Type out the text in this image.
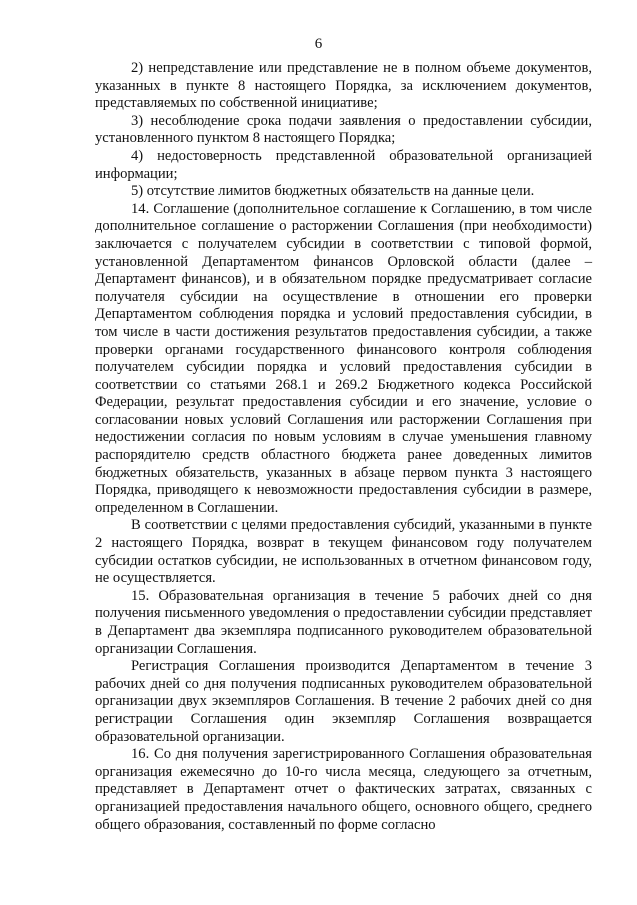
6

2) непредставление или представление не в полном объеме документов, указанных в пункте 8 настоящего Порядка, за исключением документов, представляемых по собственной инициативе;

3) несоблюдение срока подачи заявления о предоставлении субсидии, установленного пунктом 8 настоящего Порядка;

4) недостоверность представленной образовательной организацией информации;

5) отсутствие лимитов бюджетных обязательств на данные цели.

14. Соглашение (дополнительное соглашение к Соглашению, в том числе дополнительное соглашение о расторжении Соглашения (при необходимости) заключается с получателем субсидии в соответствии с типовой формой, установленной Департаментом финансов Орловской области (далее – Департамент финансов), и в обязательном порядке предусматривает согласие получателя субсидии на осуществление в отношении его проверки Департаментом соблюдения порядка и условий предоставления субсидии, в том числе в части достижения результатов предоставления субсидии, а также проверки органами государственного финансового контроля соблюдения получателем субсидии порядка и условий предоставления субсидии в соответствии со статьями 268.1 и 269.2 Бюджетного кодекса Российской Федерации, результат предоставления субсидии и его значение, условие о согласовании новых условий Соглашения или расторжении Соглашения при недостижении согласия по новым условиям в случае уменьшения главному распорядителю средств областного бюджета ранее доведенных лимитов бюджетных обязательств, указанных в абзаце первом пункта 3 настоящего Порядка, приводящего к невозможности предоставления субсидии в размере, определенном в Соглашении.

В соответствии с целями предоставления субсидий, указанными в пункте 2 настоящего Порядка, возврат в текущем финансовом году получателем субсидии остатков субсидии, не использованных в отчетном финансовом году, не осуществляется.

15. Образовательная организация в течение 5 рабочих дней со дня получения письменного уведомления о предоставлении субсидии представляет в Департамент два экземпляра подписанного руководителем образовательной организации Соглашения.

Регистрация Соглашения производится Департаментом в течение 3 рабочих дней со дня получения подписанных руководителем образовательной организации двух экземпляров Соглашения. В течение 2 рабочих дней со дня регистрации Соглашения один экземпляр Соглашения возвращается образовательной организации.

16. Со дня получения зарегистрированного Соглашения образовательная организация ежемесячно до 10-го числа месяца, следующего за отчетным, представляет в Департамент отчет о фактических затратах, связанных с организацией предоставления начального общего, основного общего, среднего общего образования, составленный по форме согласно
